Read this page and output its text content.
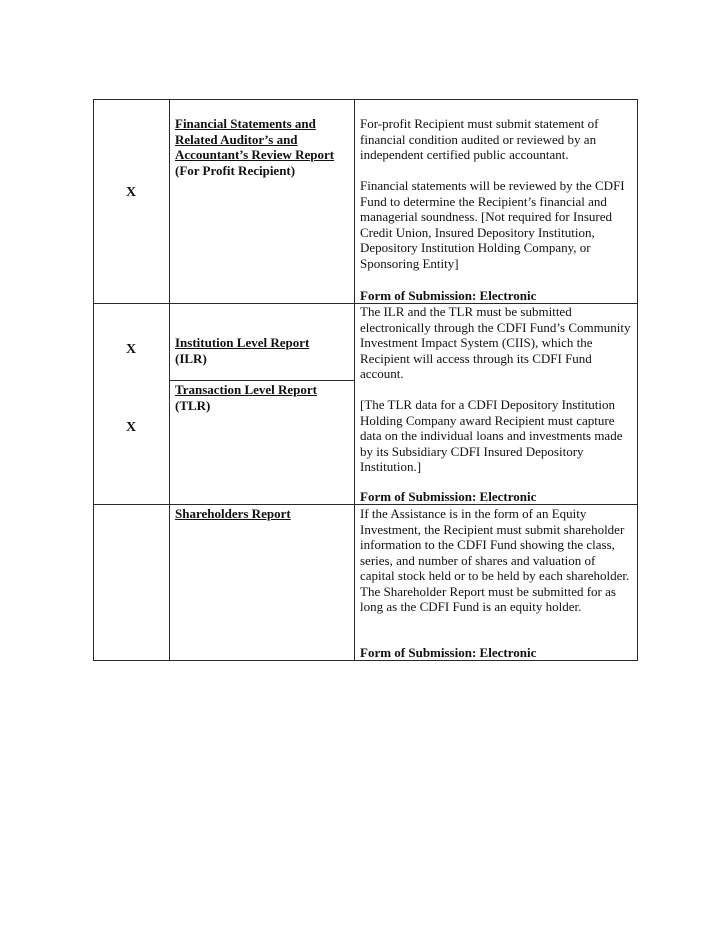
X
Financial Statements and
Related Auditor’s and
Accountant’s Review Report
(For Profit Recipient)
For-profit Recipient must submit statement of financial condition audited or reviewed by an independent certified public accountant.
Financial statements will be reviewed by the CDFI Fund to determine the Recipient’s financial and managerial soundness. [Not required for Insured Credit Union, Insured Depository Institution, Depository Institution Holding Company, or Sponsoring Entity]
Form of Submission: Electronic
X
X
Institution Level Report
(ILR)
Transaction Level Report
(TLR)
The ILR and the TLR must be submitted electronically through the CDFI Fund’s Community Investment Impact System (CIIS), which the Recipient will access through its CDFI Fund account.
[The TLR data for a CDFI Depository Institution Holding Company award Recipient must capture data on the individual loans and investments made by its Subsidiary CDFI Insured Depository Institution.]
Form of Submission: Electronic
Shareholders Report	If the Assistance is in the form of an Equity Investment, the Recipient must submit shareholder information to the CDFI Fund showing the class, series, and number of shares and valuation of capital stock held or to be held by each shareholder. The Shareholder Report must be submitted for as long as the CDFI Fund is an equity holder.
Form of Submission: Electronic
